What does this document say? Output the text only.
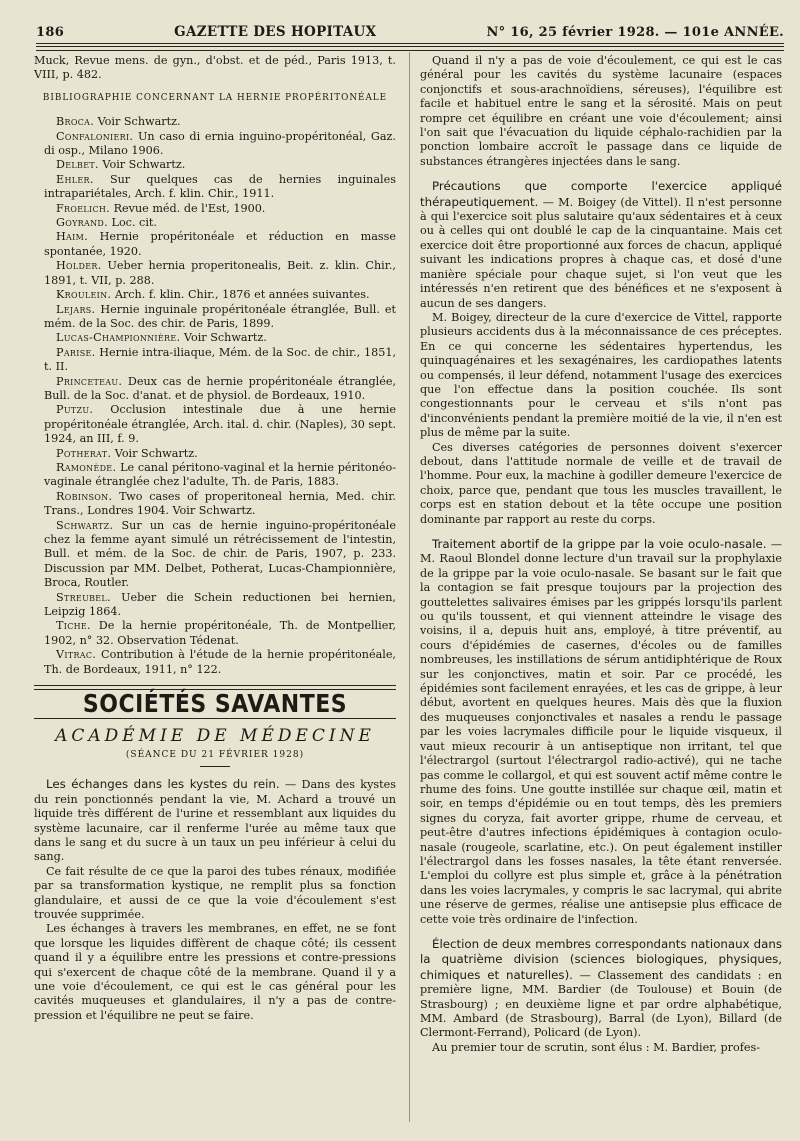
186	GAZETTE DES HOPITAUX	N° 16, 25 février 1928. — 101e ANNÉE.

Muck, Revue mens. de gyn., d'obst. et de péd., Paris 1913, t. VIII, p. 482.

BIBLIOGRAPHIE CONCERNANT LA HERNIE PROPÉRITONÉALE

Broca. Voir Schwartz.

Confalonieri. Un caso di ernia inguino-propéritonéal, Gaz. di osp., Milano 1906.

Delbet. Voir Schwartz.

Ehler. Sur quelques cas de hernies inguinales intrapariétales, Arch. f. klin. Chir., 1911.

Froelich. Revue méd. de l'Est, 1900.

Goyrand. Loc. cit.

Haim. Hernie propéritonéale et réduction en masse spontanée, 1920.

Holder. Ueber hernia properitonealis, Beit. z. klin. Chir., 1891, t. VII, p. 288.

Kroulein. Arch. f. klin. Chir., 1876 et années suivantes.

Lejars. Hernie inguinale propéritonéale étranglée, Bull. et mém. de la Soc. des chir. de Paris, 1899.

Lucas-Championnière. Voir Schwartz.

Parise. Hernie intra-iliaque, Mém. de la Soc. de chir., 1851, t. II.

Princeteau. Deux cas de hernie propéritonéale étranglée, Bull. de la Soc. d'anat. et de physiol. de Bordeaux, 1910.

Putzu. Occlusion intestinale due à une hernie propéritonéale étranglée, Arch. ital. d. chir. (Naples), 30 sept. 1924, an III, f. 9.

Potherat. Voir Schwartz.

Ramonède. Le canal péritono-vaginal et la hernie péritonéo-vaginale étranglée chez l'adulte, Th. de Paris, 1883.

Robinson. Two cases of properitoneal hernia, Med. chir. Trans., Londres 1904. Voir Schwartz.

Schwartz. Sur un cas de hernie inguino-propéritonéale chez la femme ayant simulé un rétrécissement de l'intestin, Bull. et mém. de la Soc. de chir. de Paris, 1907, p. 233. Discussion par MM. Delbet, Potherat, Lucas-Championnière, Broca, Routler.

Streubel. Ueber die Schein reductionen bei hernien, Leipzig 1864.

Tiche. De la hernie propéritonéale, Th. de Montpellier, 1902, n° 32. Observation Tédenat.

Vitrac. Contribution à l'étude de la hernie propéritonéale, Th. de Bordeaux, 1911, n° 122.

SOCIÉTÉS SAVANTES
ACADÉMIE DE MÉDECINE
(SÉANCE DU 21 FÉVRIER 1928)

Les échanges dans les kystes du rein. — Dans des kystes du rein ponctionnés pendant la vie, M. Achard a trouvé un liquide très différent de l'urine et ressemblant aux liquides du système lacunaire, car il renferme l'urée au même taux que dans le sang et du sucre à un taux un peu inférieur à celui du sang.

Ce fait résulte de ce que la paroi des tubes rénaux, modifiée par sa transformation kystique, ne remplit plus sa fonction glandulaire, et aussi de ce que la voie d'écoulement s'est trouvée supprimée.

Les échanges à travers les membranes, en effet, ne se font que lorsque les liquides diffèrent de chaque côté; ils cessent quand il y a équilibre entre les pressions et contre-pressions qui s'exercent de chaque côté de la membrane. Quand il y a une voie d'écoulement, ce qui est le cas général pour les cavités muqueuses et glandulaires, il n'y a pas de contre-pression et l'équilibre ne peut se faire.

Quand il n'y a pas de voie d'écoulement, ce qui est le cas général pour les cavités du système lacunaire (espaces conjonctifs et sous-arachnoïdiens, séreuses), l'équilibre est facile et habituel entre le sang et la sérosité. Mais on peut rompre cet équilibre en créant une voie d'écoulement; ainsi l'on sait que l'évacuation du liquide céphalo-rachidien par la ponction lombaire accroît le passage dans ce liquide de substances étrangères injectées dans le sang.

Précautions que comporte l'exercice appliqué thérapeutiquement. — M. Boigey (de Vittel). Il n'est personne à qui l'exercice soit plus salutaire qu'aux sédentaires et à ceux ou à celles qui ont doublé le cap de la cinquantaine. Mais cet exercice doit être proportionné aux forces de chacun, appliqué suivant les indications propres à chaque cas, et dosé d'une manière spéciale pour chaque sujet, si l'on veut que les intéressés n'en retirent que des bénéfices et ne s'exposent à aucun de ses dangers.

M. Boigey, directeur de la cure d'exercice de Vittel, rapporte plusieurs accidents dus à la méconnaissance de ces préceptes. En ce qui concerne les sédentaires hypertendus, les quinquagénaires et les sexagénaires, les cardiopathes latents ou compensés, il leur défend, notamment l'usage des exercices que l'on effectue dans la position couchée. Ils sont congestionnants pour le cerveau et s'ils n'ont pas d'inconvénients pendant la première moitié de la vie, il n'en est plus de même par la suite.

Ces diverses catégories de personnes doivent s'exercer debout, dans l'attitude normale de veille et de travail de l'homme. Pour eux, la machine à godiller demeure l'exercice de choix, parce que, pendant que tous les muscles travaillent, le corps est en station debout et la tête occupe une position dominante par rapport au reste du corps.

Traitement abortif de la grippe par la voie oculo-nasale. — M. Raoul Blondel donne lecture d'un travail sur la prophylaxie de la grippe par la voie oculo-nasale. Se basant sur le fait que la contagion se fait presque toujours par la projection des gouttelettes salivaires émises par les grippés lorsqu'ils parlent ou qu'ils toussent, et qui viennent atteindre le visage des voisins, il a, depuis huit ans, employé, à titre préventif, au cours d'épidémies de casernes, d'écoles ou de familles nombreuses, les instillations de sérum antidiphtérique de Roux sur les conjonctives, matin et soir. Par ce procédé, les épidémies sont facilement enrayées, et les cas de grippe, à leur début, avortent en quelques heures. Mais dès que la fluxion des muqueuses conjonctivales et nasales a rendu le passage par les voies lacrymales difficile pour le liquide visqueux, il vaut mieux recourir à un antiseptique non irritant, tel que l'électrargol (surtout l'électrargol radio-activé), qui ne tache pas comme le collargol, et qui est souvent actif même contre le rhume des foins. Une goutte instillée sur chaque œil, matin et soir, en temps d'épidémie ou en tout temps, dès les premiers signes du coryza, fait avorter grippe, rhume de cerveau, et peut-être d'autres infections épidémiques à contagion oculo-nasale (rougeole, scarlatine, etc.). On peut également instiller l'électrargol dans les fosses nasales, la tête étant renversée. L'emploi du collyre est plus simple et, grâce à la pénétration dans les voies lacrymales, y compris le sac lacrymal, qui abrite une réserve de germes, réalise une antisepsie plus efficace de cette voie très ordinaire de l'infection.

Élection de deux membres correspondants nationaux dans la quatrième division (sciences biologiques, physiques, chimiques et naturelles). — Classement des candidats : en première ligne, MM. Bardier (de Toulouse) et Bouin (de Strasbourg) ; en deuxième ligne et par ordre alphabétique, MM. Ambard (de Strasbourg), Barral (de Lyon), Billard (de Clermont-Ferrand), Policard (de Lyon).

Au premier tour de scrutin, sont élus : M. Bardier, profes-
